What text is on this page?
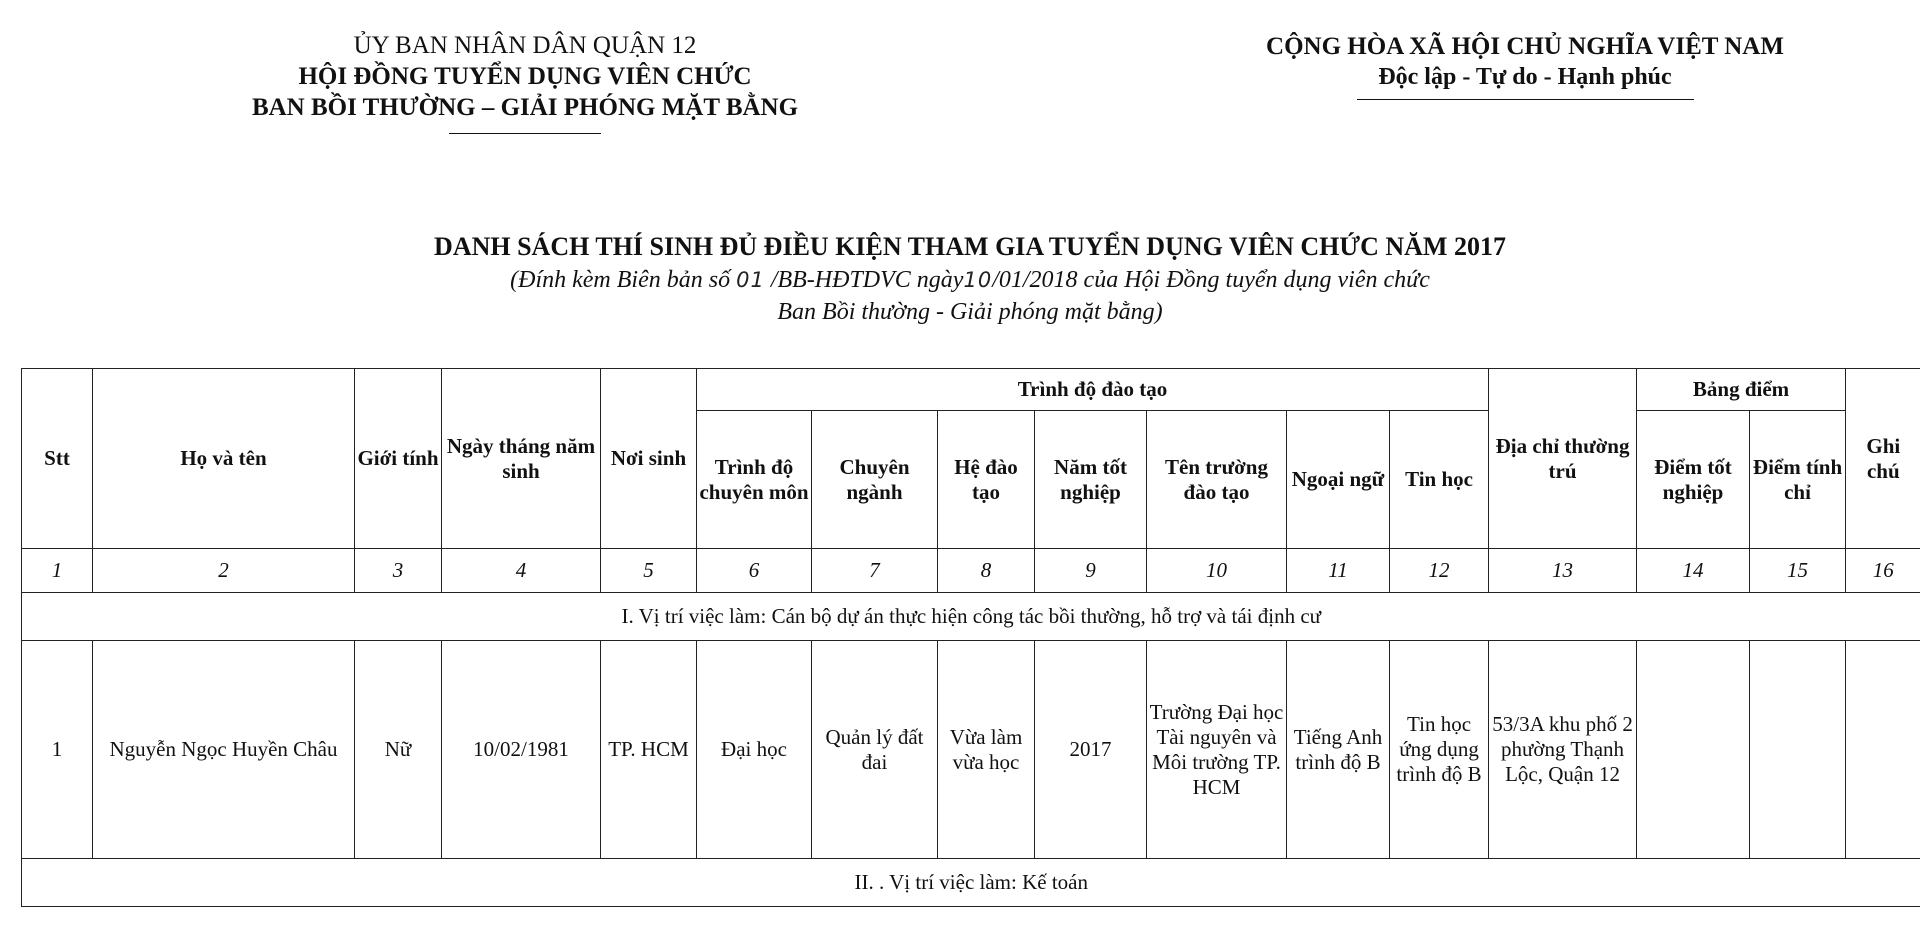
ỦY BAN NHÂN DÂN QUẬN 12
HỘI ĐỒNG TUYỂN DỤNG VIÊN CHỨC
BAN BỒI THƯỜNG – GIẢI PHÓNG MẶT BẰNG
CỘNG HÒA XÃ HỘI CHỦ NGHĨA VIỆT NAM
Độc lập - Tự do - Hạnh phúc
DANH SÁCH THÍ SINH ĐỦ ĐIỀU KIỆN THAM GIA TUYỂN DỤNG VIÊN CHỨC NĂM 2017
(Đính kèm Biên bản số 01 /BB-HĐTDVC ngày10/01/2018 của Hội Đồng tuyển dụng viên chức
Ban Bồi thường - Giải phóng mặt bằng)
Stt	Họ và tên	Giới tính	Ngày tháng năm sinh	Nơi sinh	Trình độ đào tạo							Địa chỉ thường trú	Bảng điểm		Ghi chú
					Trình độ chuyên môn	Chuyên ngành	Hệ đào tạo	Năm tốt nghiệp	Tên trường đào tạo	Ngoại ngữ	Tin học		Điểm tốt nghiệp	Điểm tính chỉ	
1	2	3	4	5	6	7	8	9	10	11	12	13	14	15	16
I. Vị trí việc làm: Cán bộ dự án thực hiện công tác bồi thường, hỗ trợ và tái định cư															
1	Nguyễn Ngọc Huyền Châu	Nữ	10/02/1981	TP. HCM	Đại học	Quản lý đất đai	Vừa làm vừa học	2017	Trường Đại học Tài nguyên và Môi trường TP. HCM	Tiếng Anh trình độ B	Tin học ứng dụng trình độ B	53/3A khu phố 2 phường Thạnh Lộc, Quận 12			
II. . Vị trí việc làm: Kế toán															
